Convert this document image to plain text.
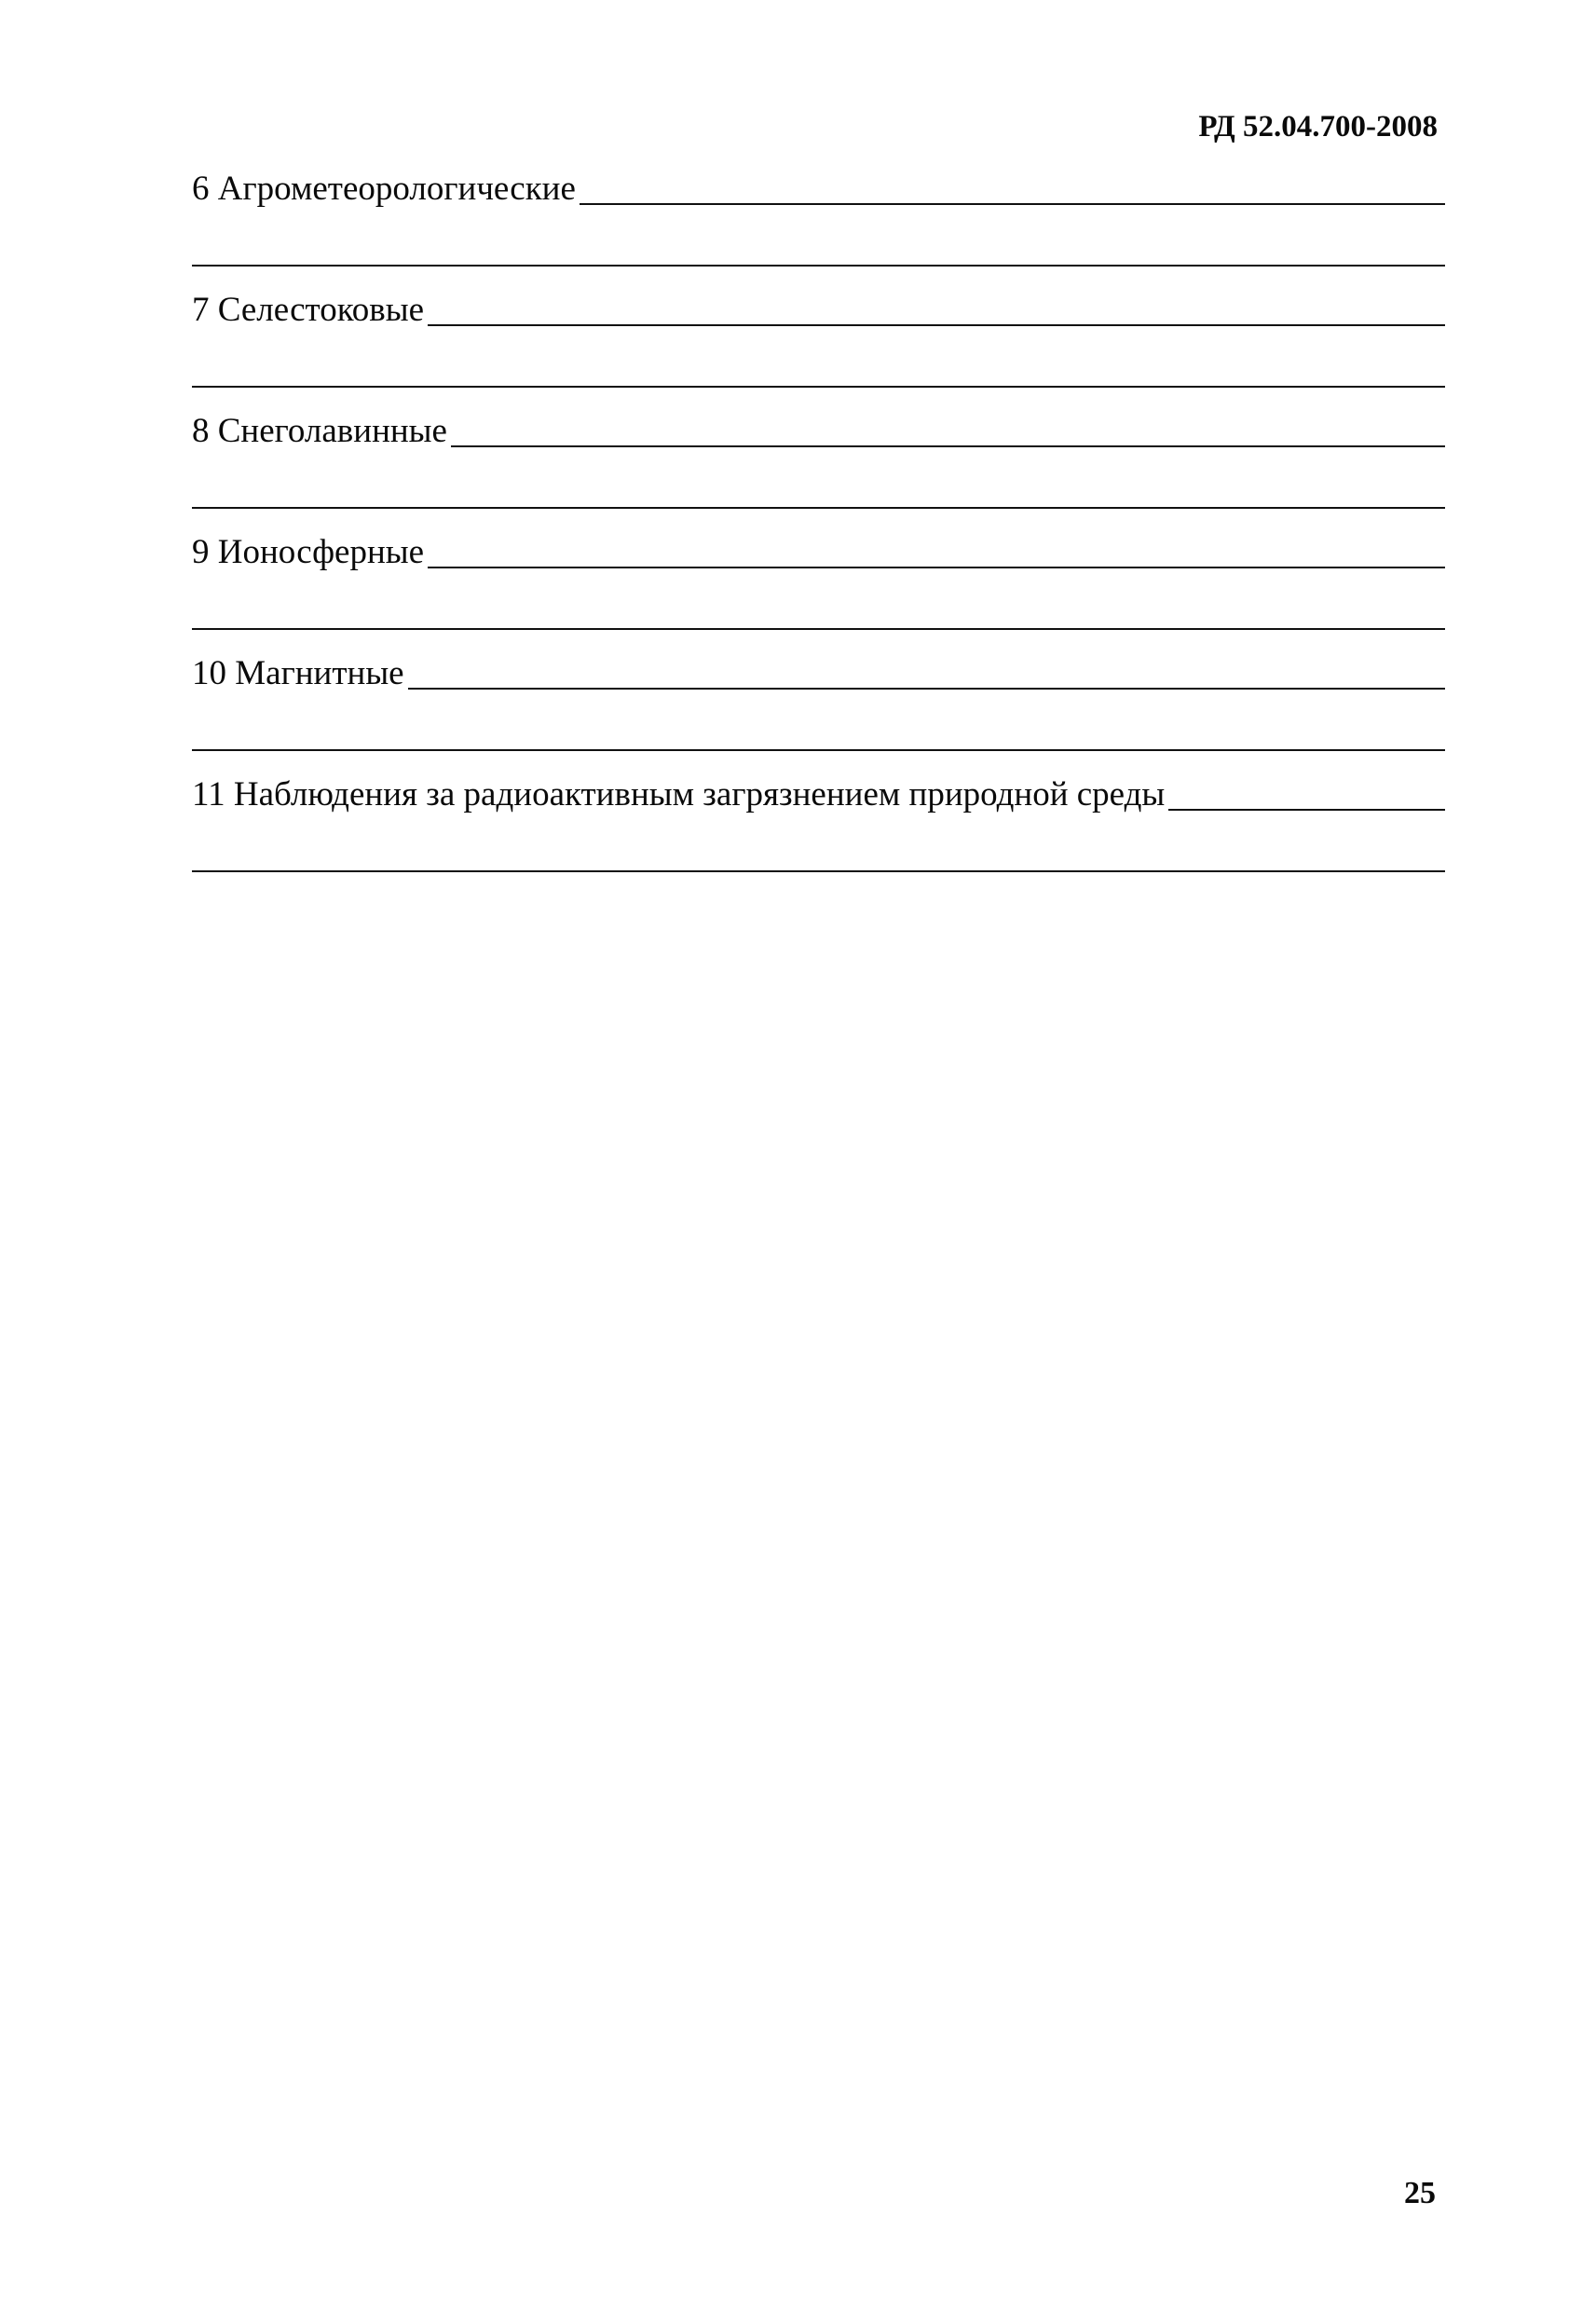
РД 52.04.700-2008
6 Агрометеорологические
7 Селестоковые
8 Снеголавинные
9 Ионосферные
10 Магнитные
11 Наблюдения за радиоактивным загрязнением природной среды
25
